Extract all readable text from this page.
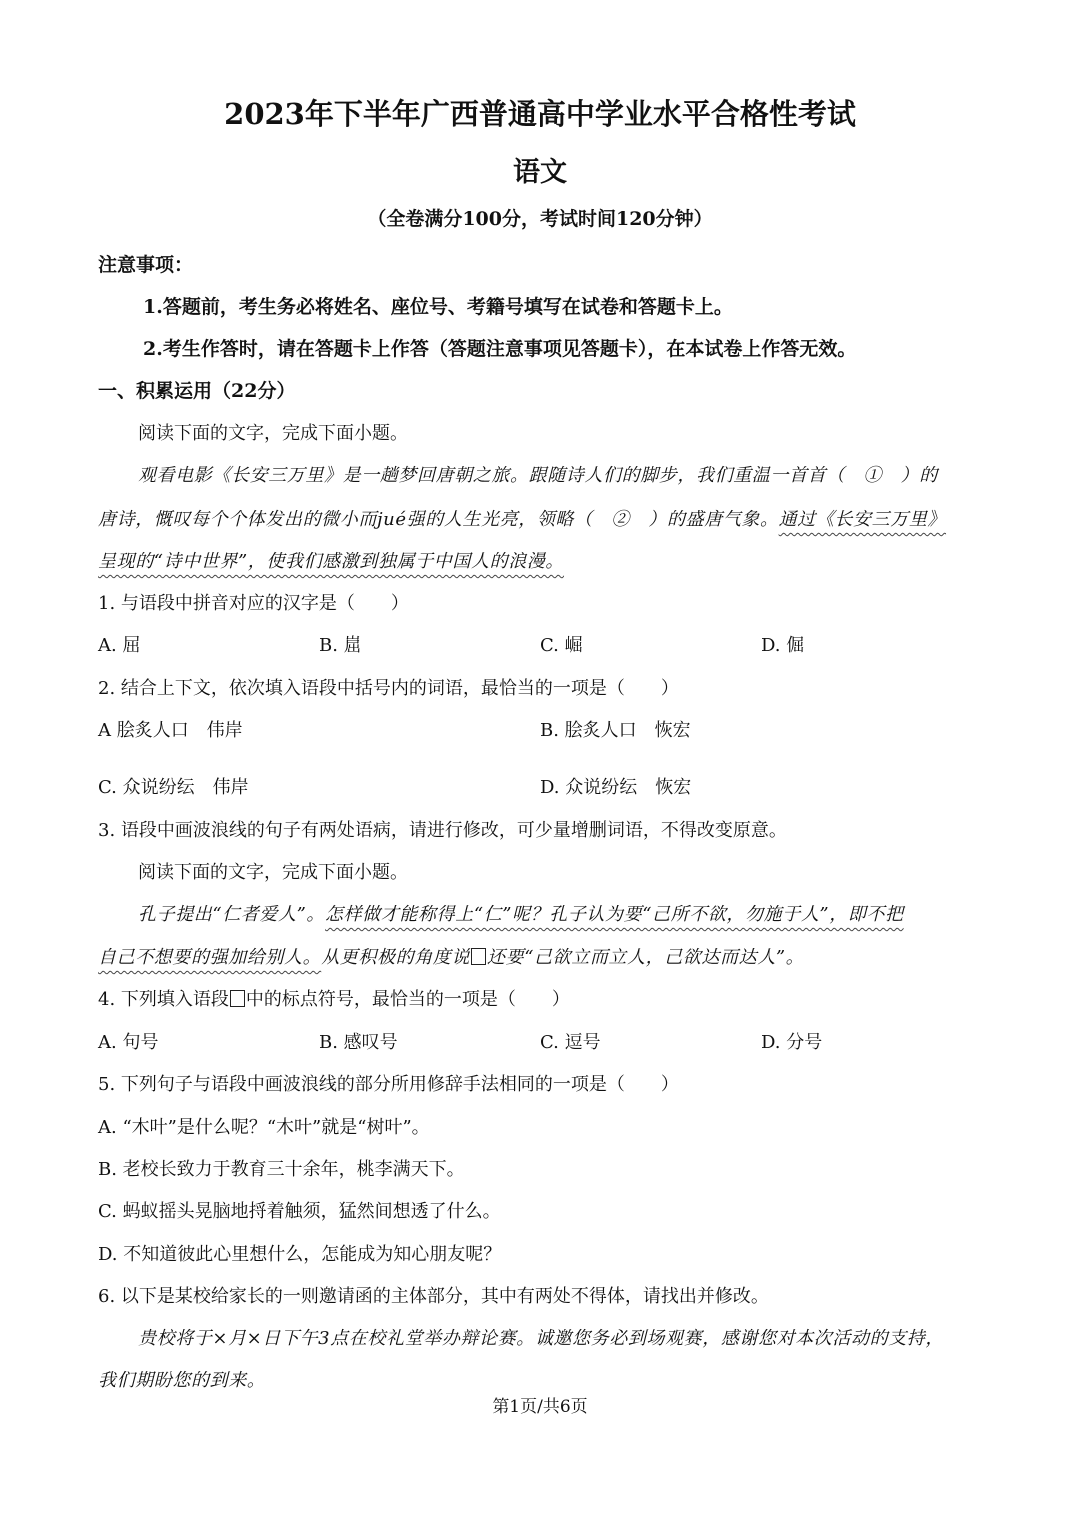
2023年下半年广西普通高中学业水平合格性考试
语文
（全卷满分100分，考试时间120分钟）
注意事项：
1.答题前，考生务必将姓名、座位号、考籍号填写在试卷和答题卡上。
2.考生作答时，请在答题卡上作答（答题注意事项见答题卡），在本试卷上作答无效。
一、积累运用（22分）
阅读下面的文字，完成下面小题。
观看电影《长安三万里》是一趟梦回唐朝之旅。跟随诗人们的脚步，我们重温一首首（　①　）的
唐诗，慨叹每个个体发出的微小而jué强的人生光亮，领略（　②　）的盛唐气象。通过《长安三万里》
呈现的“诗中世界”，使我们感激到独属于中国人的浪漫。
1. 与语段中拼音对应的汉字是（　　）
A. 屈	B. 崫	C. 崛	D. 倔
2. 结合上下文，依次填入语段中括号内的词语，最恰当的一项是（　　）
A 脍炙人口　伟岸	B. 脍炙人口　恢宏
C. 众说纷纭　伟岸	D. 众说纷纭　恢宏
3. 语段中画波浪线的句子有两处语病，请进行修改，可少量增删词语，不得改变原意。
阅读下面的文字，完成下面小题。
孔子提出“仁者爱人”。怎样做才能称得上“仁”呢？孔子认为要“己所不欲，勿施于人”，即不把
自己不想要的强加给别人。从更积极的角度说 还要“己欲立而立人，己欲达而达人”。
4. 下列填入语段 中的标点符号，最恰当的一项是（　　）
A. 句号	B. 感叹号	C. 逗号	D. 分号
5. 下列句子与语段中画波浪线的部分所用修辞手法相同的一项是（　　）
A. “木叶”是什么呢？“木叶”就是“树叶”。
B. 老校长致力于教育三十余年，桃李满天下。
C. 蚂蚁摇头晃脑地捋着触须，猛然间想透了什么。
D. 不知道彼此心里想什么，怎能成为知心朋友呢？
6. 以下是某校给家长的一则邀请函的主体部分，其中有两处不得体，请找出并修改。
贵校将于×月×日下午3点在校礼堂举办辩论赛。诚邀您务必到场观赛，感谢您对本次活动的支持，
我们期盼您的到来。
第1页/共6页
